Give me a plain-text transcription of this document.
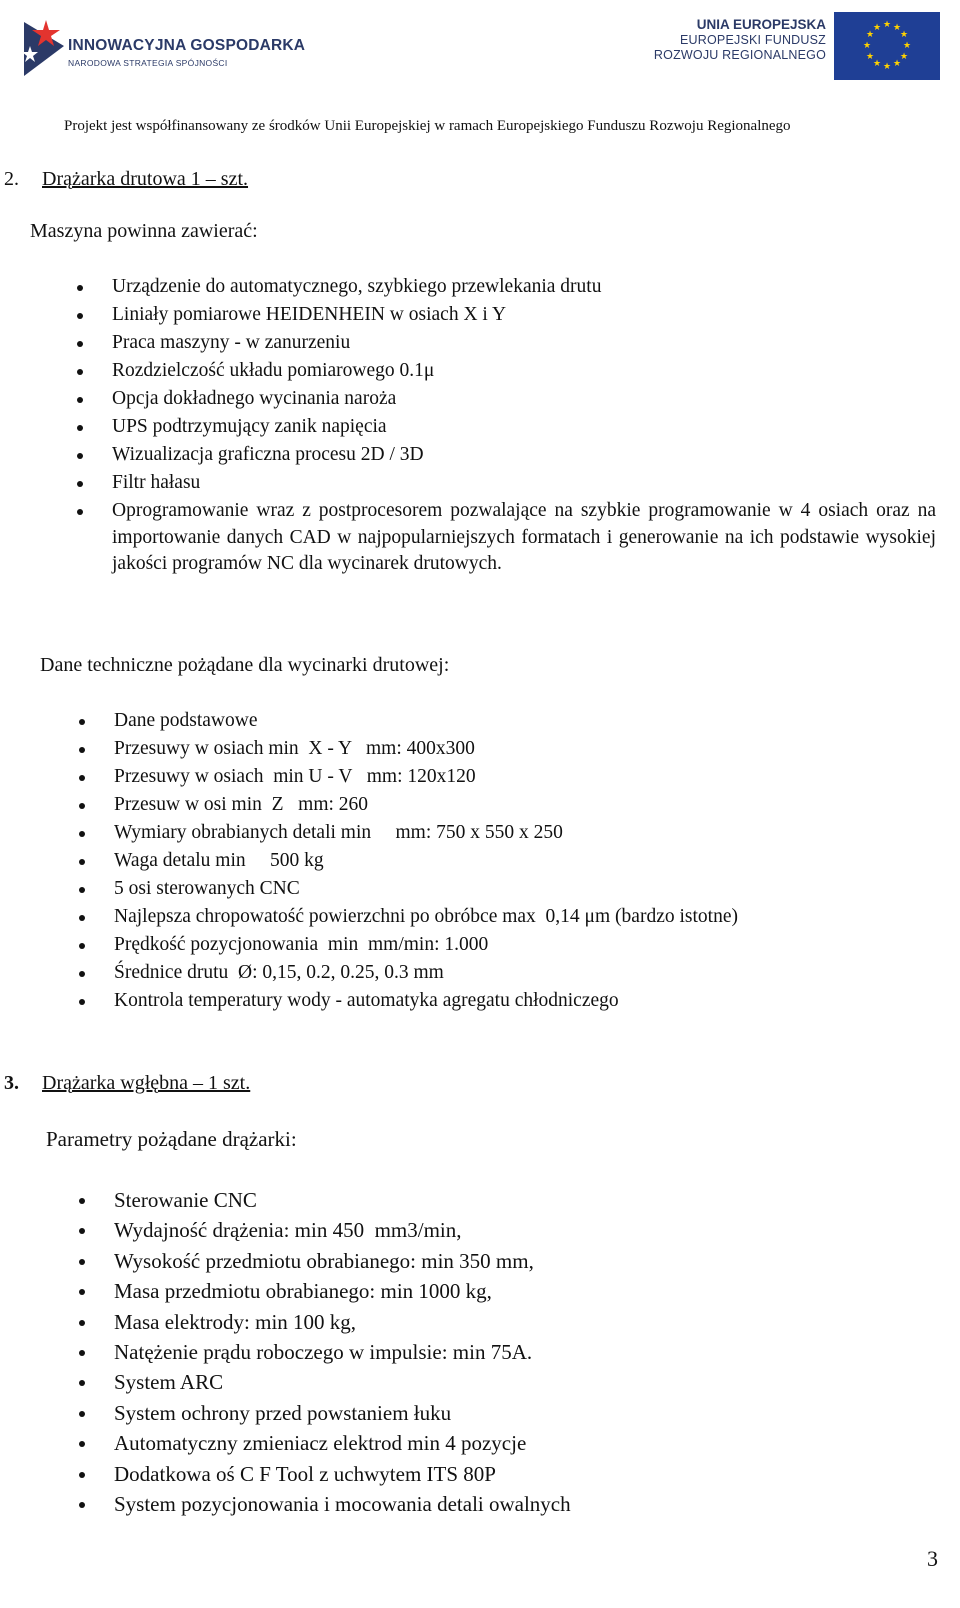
INNOWACYJNA GOSPODARKA
NARODOWA STRATEGIA SPÓJNOŚCI
UNIA EUROPEJSKA
EUROPEJSKI FUNDUSZ
ROZWOJU REGIONALNEGO
★ ★
★
★
★
★
★
★
★
★
★
★
Projekt jest współfinansowany ze środków Unii Europejskiej w ramach Europejskiego Funduszu Rozwoju Regionalnego
2. Drążarka drutowa 1 – szt.
Maszyna powinna zawierać:
Urządzenie do automatycznego, szybkiego przewlekania drutu
Liniały pomiarowe HEIDENHEIN w osiach X i Y
Praca maszyny - w zanurzeniu
Rozdzielczość układu pomiarowego 0.1μ
Opcja dokładnego wycinania naroża
UPS podtrzymujący zanik napięcia
Wizualizacja graficzna procesu 2D / 3D
Filtr hałasu
Oprogramowanie wraz z postprocesorem pozwalające na szybkie programowanie w 4 osiach oraz na importowanie danych CAD w najpopularniejszych formatach i generowanie na ich podstawie wysokiej jakości programów NC dla wycinarek drutowych.
Dane techniczne pożądane dla wycinarki drutowej:
Dane podstawowe
Przesuwy w osiach min  X - Y   mm: 400x300
Przesuwy w osiach  min U - V   mm: 120x120
Przesuw w osi min  Z   mm: 260
Wymiary obrabianych detali min     mm: 750 x 550 x 250
Waga detalu min     500 kg
5 osi sterowanych CNC
Najlepsza chropowatość powierzchni po obróbce max  0,14 μm (bardzo istotne)
Prędkość pozycjonowania  min  mm/min: 1.000
Średnice drutu  Ø: 0,15, 0.2, 0.25, 0.3 mm
Kontrola temperatury wody - automatyka agregatu chłodniczego
3. Drążarka wgłębna – 1 szt.
Parametry pożądane drążarki:
Sterowanie CNC
Wydajność drążenia: min 450  mm3/min,
Wysokość przedmiotu obrabianego: min 350 mm,
Masa przedmiotu obrabianego: min 1000 kg,
Masa elektrody: min 100 kg,
Natężenie prądu roboczego w impulsie: min 75A.
System ARC
System ochrony przed powstaniem łuku
Automatyczny zmieniacz elektrod min 4 pozycje
Dodatkowa oś C F Tool z uchwytem ITS 80P
System pozycjonowania i mocowania detali owalnych
3
